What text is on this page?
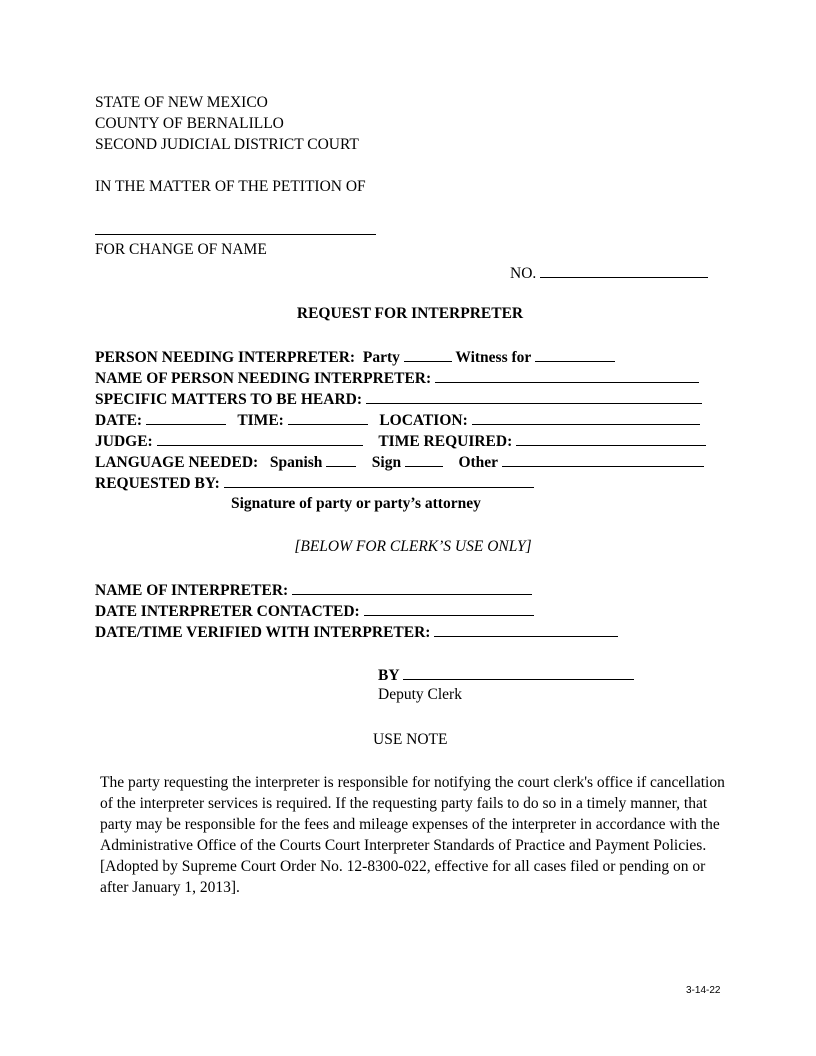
STATE OF NEW MEXICO
COUNTY OF BERNALILLO
SECOND JUDICIAL DISTRICT COURT
IN THE MATTER OF THE PETITION OF
FOR CHANGE OF NAME
NO.
REQUEST FOR INTERPRETER
PERSON NEEDING INTERPRETER: Party	Witness for
NAME OF PERSON NEEDING INTERPRETER:
SPECIFIC MATTERS TO BE HEARD:
DATE:	TIME:	LOCATION:
JUDGE:	TIME REQUIRED:
LANGUAGE NEEDED: Spanish	Sign	Other
REQUESTED BY:
Signature of party or party’s attorney
[BELOW FOR CLERK’S USE ONLY]
NAME OF INTERPRETER:
DATE INTERPRETER CONTACTED:
DATE/TIME VERIFIED WITH INTERPRETER:
BY
Deputy Clerk
USE NOTE
The party requesting the interpreter is responsible for notifying the court clerk's office if cancellation of the interpreter services is required. If the requesting party fails to do so in a timely manner, that party may be responsible for the fees and mileage expenses of the interpreter in accordance with the Administrative Office of the Courts Court Interpreter Standards of Practice and Payment Policies.
[Adopted by Supreme Court Order No. 12-8300-022, effective for all cases filed or pending on or after January 1, 2013].
3-14-22
